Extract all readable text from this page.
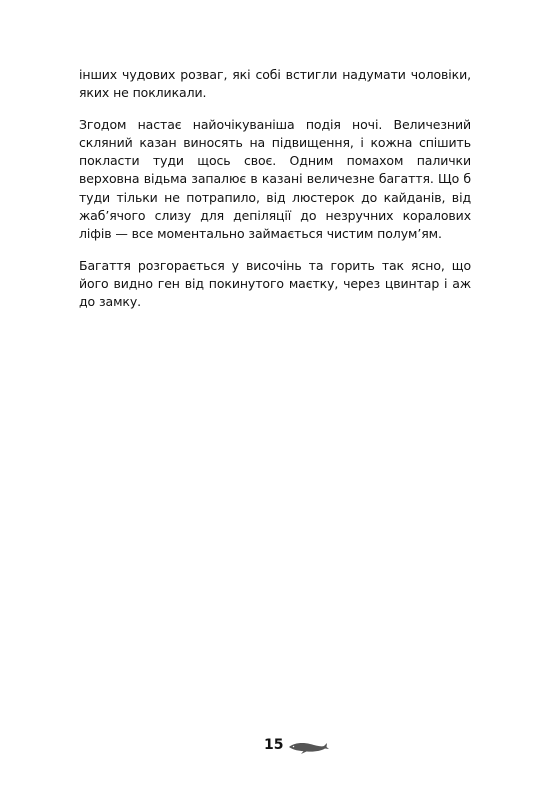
інших чудових розваг, які собі встигли надумати чоловіки, яких не покликали.

Згодом настає найочікуваніша подія ночі. Величезний скляний казан виносять на підвищення, і кожна спішить покласти туди щось своє. Одним помахом палички верховна відьма запалює в казані величезне багаття. Що б туди тільки не потрапило, від люстерок до кайданів, від жаб’ячого слизу для депіляції до незручних коралових ліфів — все моментально займається чистим полум’ям.

Багаття розгорається у височінь та горить так ясно, що його видно ген від покинутого маєтку, через цвинтар і аж до замку.

15
